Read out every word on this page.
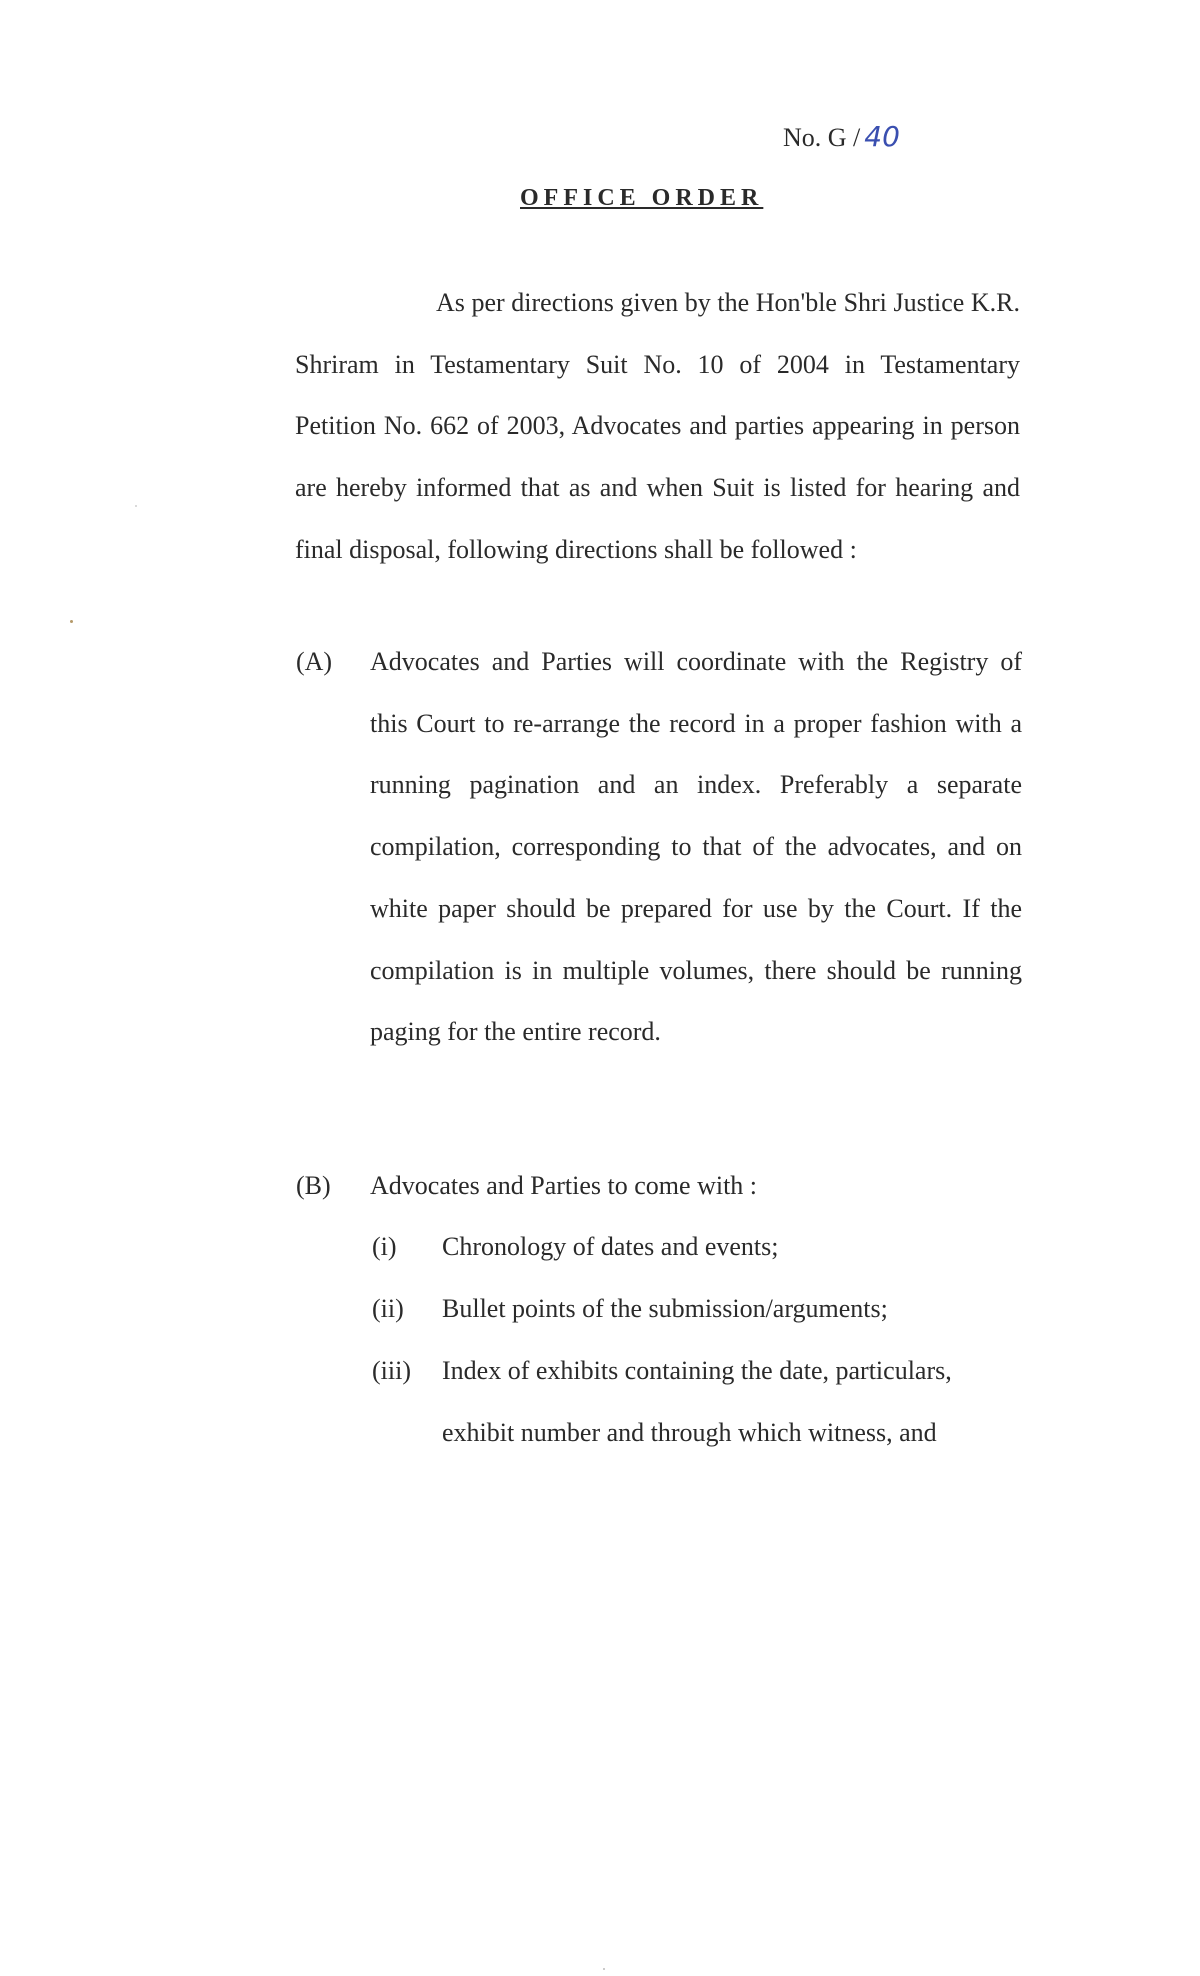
No. G / 40
OFFICE ORDER

As per directions given by the Hon'ble Shri Justice K.R. Shriram in Testamentary Suit No. 10 of 2004 in Testamentary Petition No. 662 of 2003, Advocates and parties appearing in person are hereby informed that as and when Suit is listed for hearing and final disposal, following directions shall be followed :

(A) Advocates and Parties will coordinate with the Registry of this Court to re-arrange the record in a proper fashion with a running pagination and an index. Preferably a separate compilation, corresponding to that of the advocates, and on white paper should be prepared for use by the Court. If the compilation is in multiple volumes, there should be running paging for the entire record.

(B) Advocates and Parties to come with :

(i) Chronology of dates and events;

(ii) Bullet points of the submission/arguments;

(iii) Index of exhibits containing the date, particulars, exhibit number and through which witness, and
